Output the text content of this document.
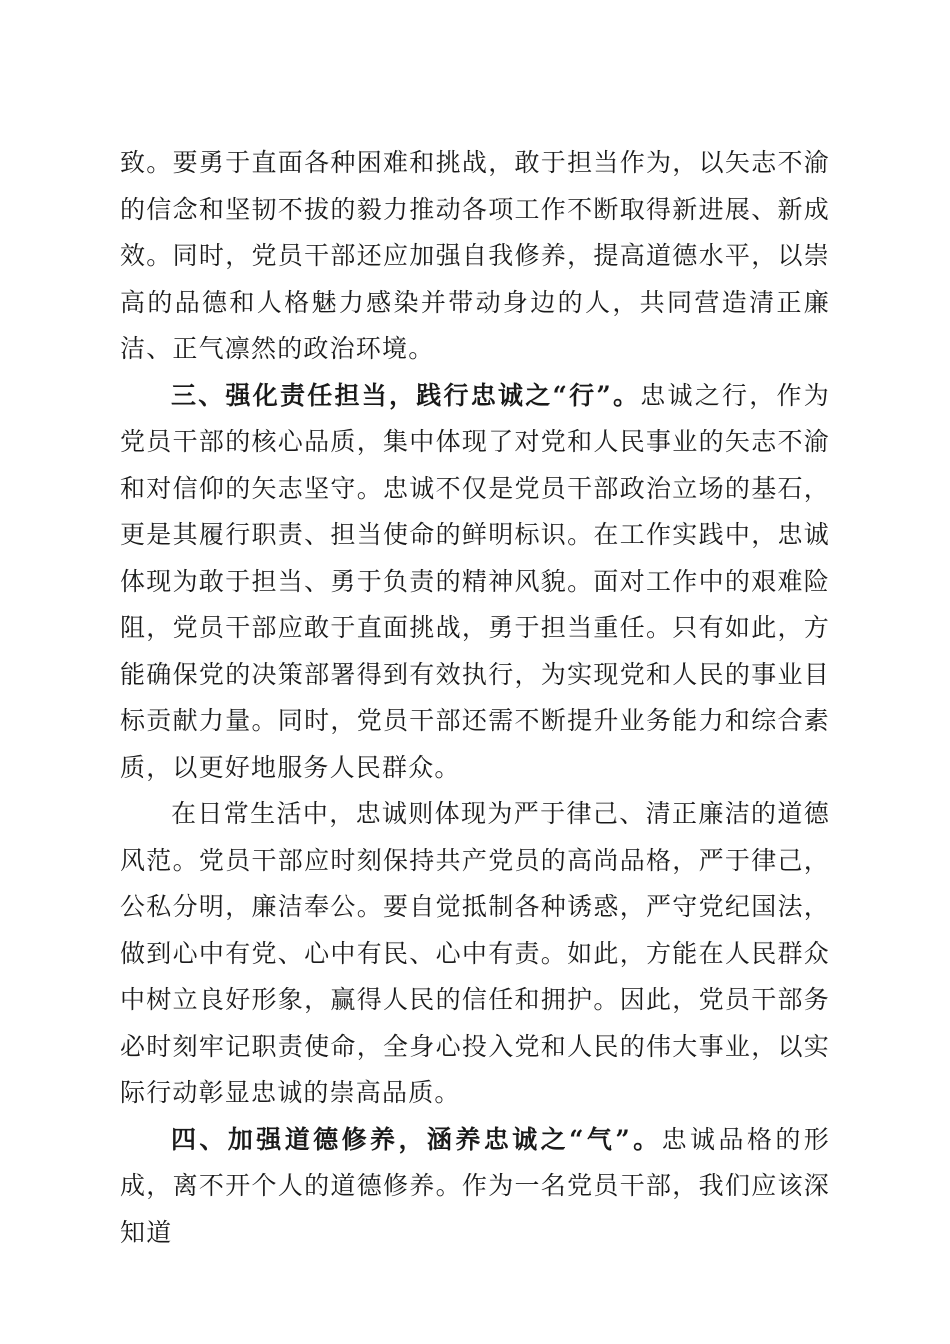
致。要勇于直面各种困难和挑战，敢于担当作为，以矢志不渝的信念和坚韧不拔的毅力推动各项工作不断取得新进展、新成效。同时，党员干部还应加强自我修养，提高道德水平，以崇高的品德和人格魅力感染并带动身边的人，共同营造清正廉洁、正气凛然的政治环境。

三、强化责任担当，践行忠诚之“行”。忠诚之行，作为党员干部的核心品质，集中体现了对党和人民事业的矢志不渝和对信仰的矢志坚守。忠诚不仅是党员干部政治立场的基石，更是其履行职责、担当使命的鲜明标识。在工作实践中，忠诚体现为敢于担当、勇于负责的精神风貌。面对工作中的艰难险阻，党员干部应敢于直面挑战，勇于担当重任。只有如此，方能确保党的决策部署得到有效执行，为实现党和人民的事业目标贡献力量。同时，党员干部还需不断提升业务能力和综合素质，以更好地服务人民群众。

在日常生活中，忠诚则体现为严于律己、清正廉洁的道德风范。党员干部应时刻保持共产党员的高尚品格，严于律己，公私分明，廉洁奉公。要自觉抵制各种诱惑，严守党纪国法，做到心中有党、心中有民、心中有责。如此，方能在人民群众中树立良好形象，赢得人民的信任和拥护。因此，党员干部务必时刻牢记职责使命，全身心投入党和人民的伟大事业，以实际行动彰显忠诚的崇高品质。

四、加强道德修养，涵养忠诚之“气”。忠诚品格的形成，离不开个人的道德修养。作为一名党员干部，我们应该深知道
